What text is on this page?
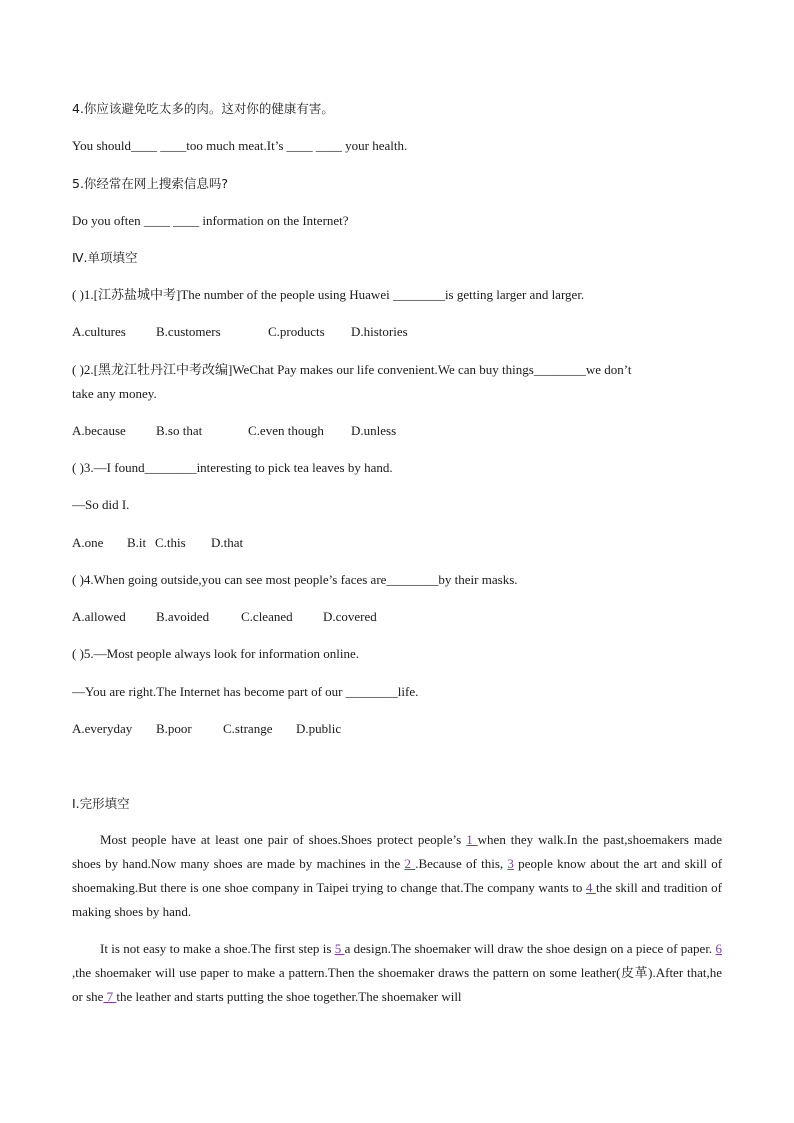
4.你应该避免吃太多的肉。这对你的健康有害。
You should____ ____too much meat.It’s ____ ____ your health.
5.你经常在网上搜索信息吗?
Do you often ____ ____ information on the Internet?
Ⅳ.单项填空
( )1.[江苏盐城中考]The number of the people using Huawei ________is getting larger and larger.
A.cultures B.customers	C.products D.histories
( )2.[黑龙江牡丹江中考改编]WeChat Pay makes our life convenient.We can buy things________we don’t
take any money.
A.because B.so that	C.even though D.unless
( )3.—I found________interesting to pick tea leaves by hand.
—So did I.
A.one B.it C.this D.that
( )4.When going outside,you can see most people’s faces are________by their masks.
A.allowed B.avoided C.cleaned D.covered
( )5.—Most people always look for information online.
—You are right.The Internet has become part of our ________life.
A.everyday B.poor C.strange D.public
Ⅰ.完形填空
Most people have at least one pair of shoes.Shoes protect people’s 1 when they walk.In the past,shoemakers made shoes by hand.Now many shoes are made by machines in the 2 .Because of this, 3 people know about the art and skill of shoemaking.But there is one shoe company in Taipei trying to change that.The company wants to 4 the skill and tradition of making shoes by hand.
It is not easy to make a shoe.The first step is 5 a design.The shoemaker will draw the shoe design on a piece of paper. 6 ,the shoemaker will use paper to make a pattern.Then the shoemaker draws the pattern on some leather(皮革).After that,he or she 7 the leather and starts putting the shoe together.The shoemaker will
